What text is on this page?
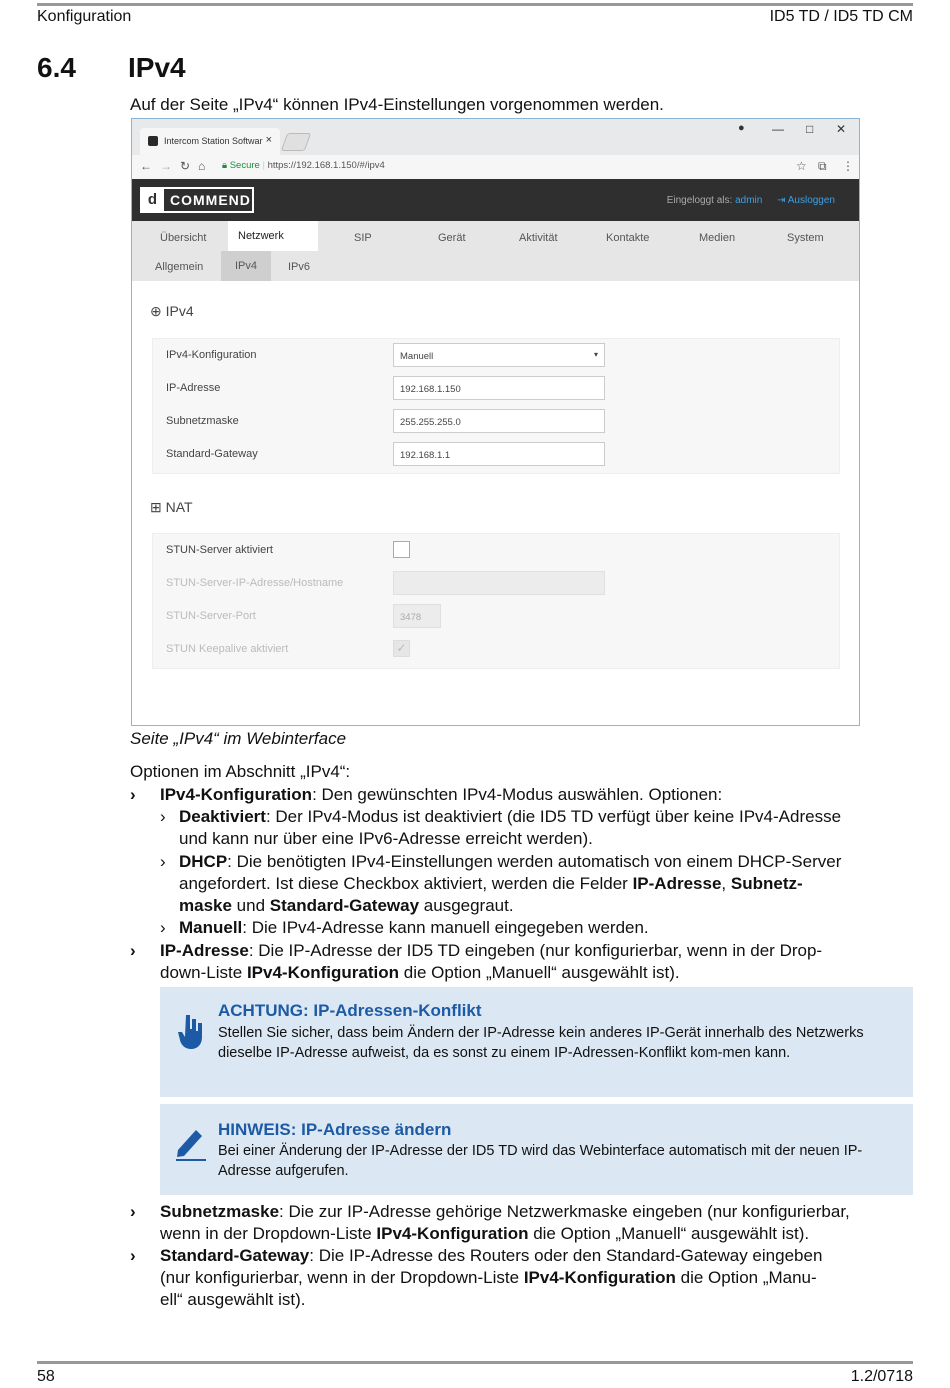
Konfiguration	ID5 TD / ID5 TD CM
6.4 IPv4
Auf der Seite „IPv4“ können IPv4-Einstellungen vorgenommen werden.
Intercom Station Softwar ×
● — □ ✕
← → ↻ ⌂ 🔒︎ Secure | https://192.168.1.150/#/ipv4	☆ ⧉ ⋮
d COMMEND	Eingeloggt als: admin ⇥ Ausloggen
Übersicht	Netzwerk	SIP	Gerät	Aktivität	Kontakte	Medien	System
Allgemein	IPv4	IPv6
⊕ IPv4
IPv4-Konfiguration	Manuell	▾
IP-Adresse	192.168.1.150
Subnetzmaske	255.255.255.0
Standard-Gateway	192.168.1.1
⊞ NAT
STUN-Server aktiviert
STUN-Server-IP-Adresse/Hostname
STUN-Server-Port	3478
STUN Keepalive aktiviert	✓
Seite „IPv4“ im Webinterface
Optionen im Abschnitt „IPv4“:
› IPv4-Konfiguration: Den gewünschten IPv4-Modus auswählen. Optionen:
› Deaktiviert: Der IPv4-Modus ist deaktiviert (die ID5 TD verfügt über keine IPv4-Adresse
und kann nur über eine IPv6-Adresse erreicht werden).
› DHCP: Die benötigten IPv4-Einstellungen werden automatisch von einem DHCP-Server
angefordert. Ist diese Checkbox aktiviert, werden die Felder IP-Adresse, Subnetz-
maske und Standard-Gateway ausgegraut.
› Manuell: Die IPv4-Adresse kann manuell eingegeben werden.
› IP-Adresse: Die IP-Adresse der ID5 TD eingeben (nur konfigurierbar, wenn in der Drop-
down-Liste IPv4-Konfiguration die Option „Manuell“ ausgewählt ist).
ACHTUNG: IP-Adressen-Konflikt
Stellen Sie sicher, dass beim Ändern der IP-Adresse kein anderes IP-Gerät innerhalb des Netzwerks dieselbe IP-Adresse aufweist, da es sonst zu einem IP-Adressen-Konflikt kom-men kann.
HINWEIS: IP-Adresse ändern
Bei einer Änderung der IP-Adresse der ID5 TD wird das Webinterface automatisch mit der neuen IP-Adresse aufgerufen.
› Subnetzmaske: Die zur IP-Adresse gehörige Netzwerkmaske eingeben (nur konfigurierbar,
wenn in der Dropdown-Liste IPv4-Konfiguration die Option „Manuell“ ausgewählt ist).
› Standard-Gateway: Die IP-Adresse des Routers oder den Standard-Gateway eingeben
(nur konfigurierbar, wenn in der Dropdown-Liste IPv4-Konfiguration die Option „Manu-
ell“ ausgewählt ist).
58	1.2/0718
